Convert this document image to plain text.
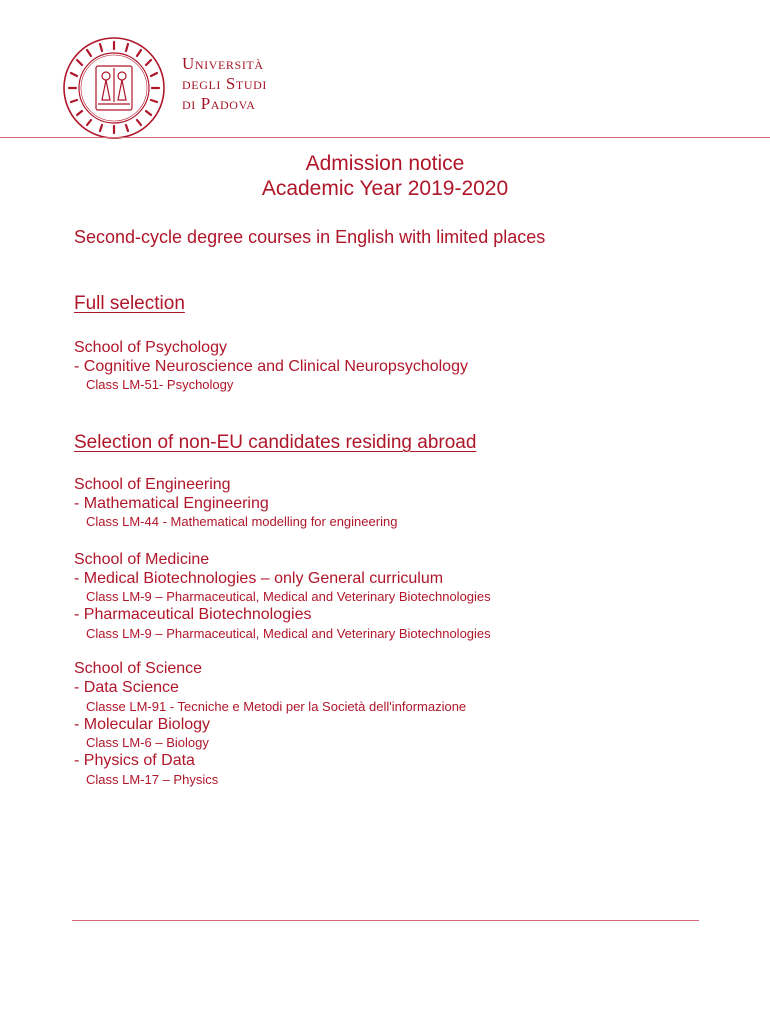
Università
degli Studi
di Padova
Admission notice
Academic Year 2019-2020
Second-cycle degree courses in English with limited places
Full selection
School of Psychology
- Cognitive Neuroscience and Clinical Neuropsychology
Class LM-51- Psychology
Selection of non-EU candidates residing abroad
School of Engineering
- Mathematical Engineering
Class LM-44 - Mathematical modelling for engineering
School of Medicine
- Medical Biotechnologies – only General curriculum
Class LM-9 – Pharmaceutical, Medical and Veterinary Biotechnologies
- Pharmaceutical Biotechnologies
Class LM-9 – Pharmaceutical, Medical and Veterinary Biotechnologies
School of Science
- Data Science
Classe LM-91 - Tecniche e Metodi per la Società dell'informazione
- Molecular Biology
Class LM-6 – Biology
- Physics of Data
Class LM-17 – Physics
